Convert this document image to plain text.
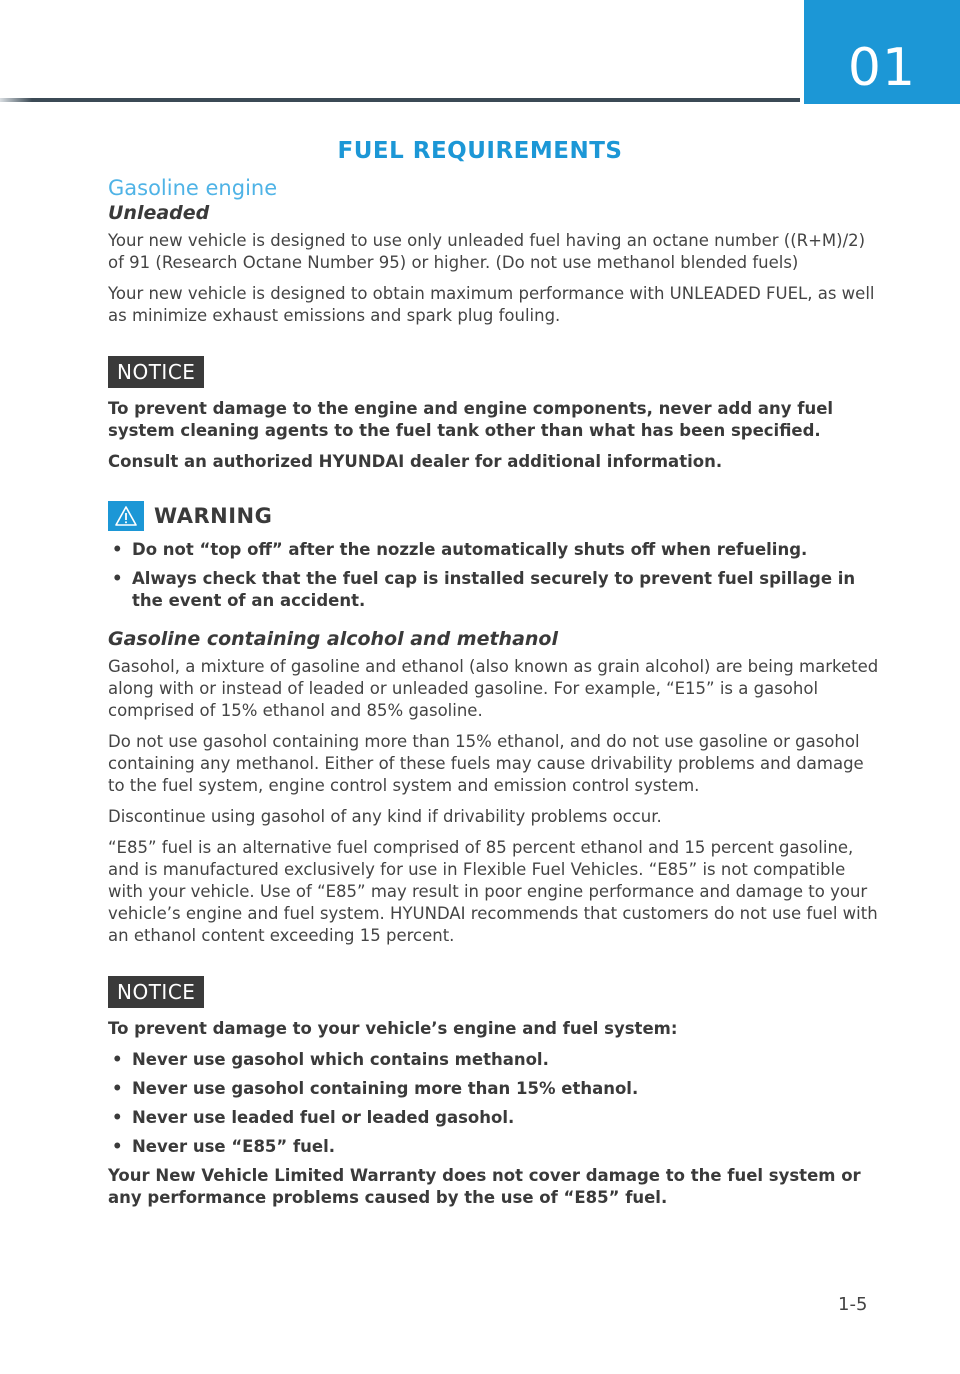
01
FUEL REQUIREMENTS
Gasoline engine
Unleaded

Your new vehicle is designed to use only unleaded fuel having an octane number ((R+M)/2) of 91 (Research Octane Number 95) or higher. (Do not use methanol blended fuels)

Your new vehicle is designed to obtain maximum performance with UNLEADED FUEL, as well as minimize exhaust emissions and spark plug fouling.

NOTICE

To prevent damage to the engine and engine components, never add any fuel system cleaning agents to the fuel tank other than what has been specified.

Consult an authorized HYUNDAI dealer for additional information.

WARNING
• Do not “top off” after the nozzle automatically shuts off when refueling.
• Always check that the fuel cap is installed securely to prevent fuel spillage in the event of an accident.
Gasoline containing alcohol and methanol

Gasohol, a mixture of gasoline and ethanol (also known as grain alcohol) are being marketed along with or instead of leaded or unleaded gasoline. For example, “E15” is a gasohol comprised of 15% ethanol and 85% gasoline.

Do not use gasohol containing more than 15% ethanol, and do not use gasoline or gasohol containing any methanol. Either of these fuels may cause drivability problems and damage to the fuel system, engine control system and emission control system.

Discontinue using gasohol of any kind if drivability problems occur.

“E85” fuel is an alternative fuel comprised of 85 percent ethanol and 15 percent gasoline, and is manufactured exclusively for use in Flexible Fuel Vehicles. “E85” is not compatible with your vehicle. Use of “E85” may result in poor engine performance and damage to your vehicle’s engine and fuel system. HYUNDAI recommends that customers do not use fuel with an ethanol content exceeding 15 percent.

NOTICE

To prevent damage to your vehicle’s engine and fuel system:

• Never use gasohol which contains methanol.
• Never use gasohol containing more than 15% ethanol.
• Never use leaded fuel or leaded gasohol.
• Never use “E85” fuel.

Your New Vehicle Limited Warranty does not cover damage to the fuel system or any performance problems caused by the use of “E85” fuel.

1-5
